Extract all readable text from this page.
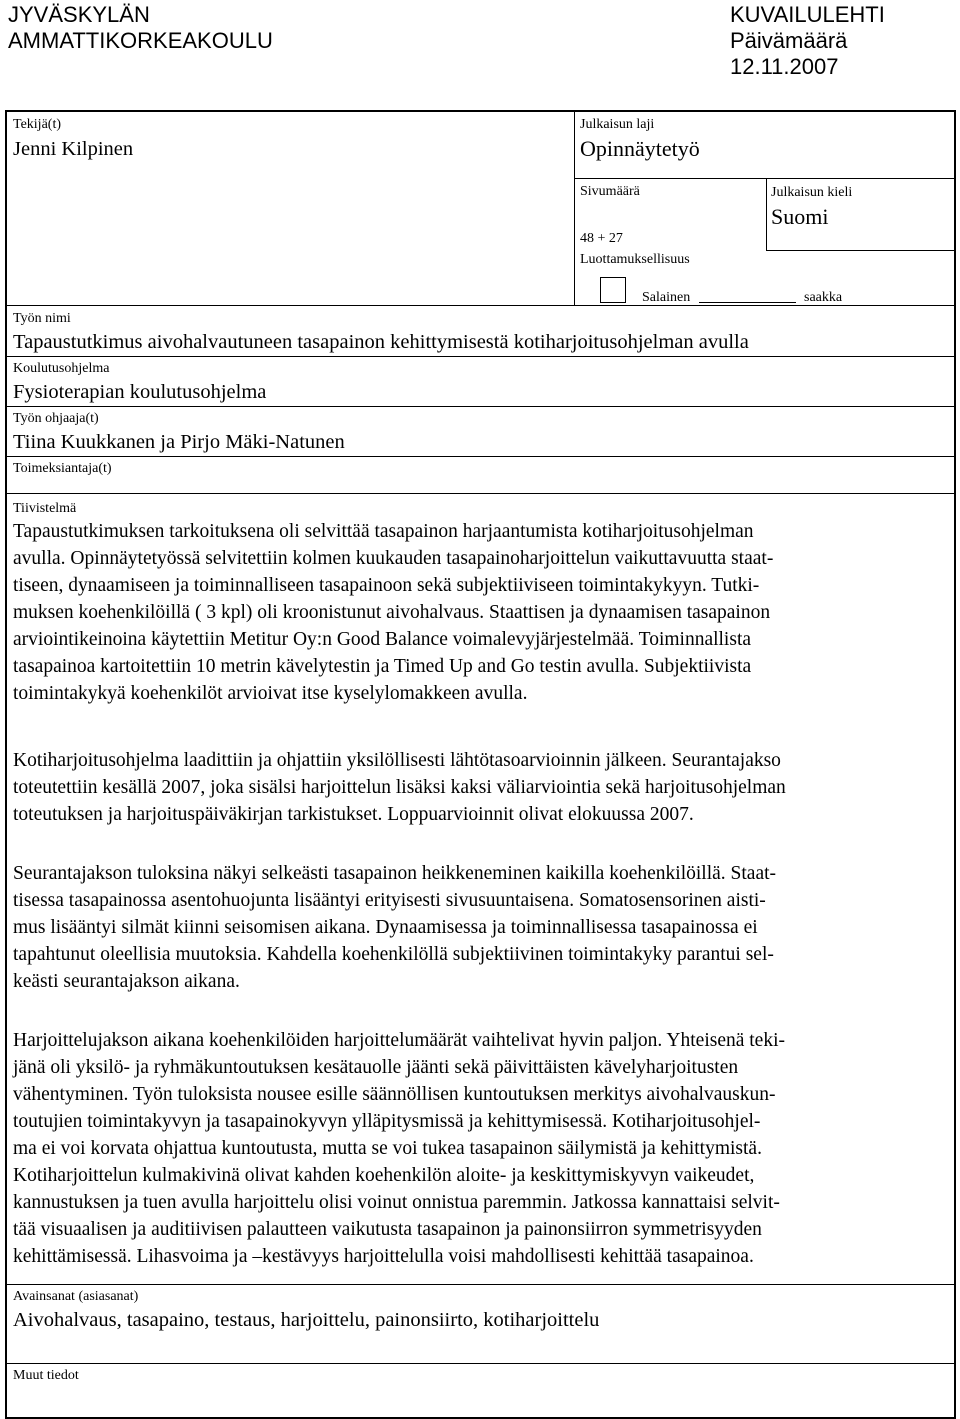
JYVÄSKYLÄN
AMMATTIKORKEAKOULU
KUVAILULEHTI
Päivämäärä
12.11.2007
Tekijä(t)
Jenni Kilpinen
Julkaisun laji
Opinnäytetyö
Sivumäärä
48 + 27
Luottamuksellisuus
Julkaisun kieli
Suomi
Salainen	saakka
Työn nimi
Tapaustutkimus aivohalvautuneen tasapainon kehittymisestä kotiharjoitusohjelman avulla
Koulutusohjelma
Fysioterapian koulutusohjelma
Työn ohjaaja(t)
Tiina Kuukkanen ja Pirjo Mäki-Natunen
Toimeksiantaja(t)
Tiivistelmä
Tapaustutkimuksen tarkoituksena oli selvittää tasapainon harjaantumista kotiharjoitusohjelman
avulla. Opinnäytetyössä selvitettiin kolmen kuukauden tasapainoharjoittelun vaikuttavuutta staat-
tiseen, dynaamiseen ja toiminnalliseen tasapainoon sekä subjektiiviseen toimintakykyyn. Tutki-
muksen koehenkilöillä ( 3 kpl) oli kroonistunut aivohalvaus. Staattisen ja dynaamisen tasapainon
arviointikeinoina käytettiin Metitur Oy:n Good Balance voimalevyjärjestelmää. Toiminnallista
tasapainoa kartoitettiin 10 metrin kävelytestin ja Timed Up and Go testin avulla. Subjektiivista
toimintakykyä koehenkilöt arvioivat itse kyselylomakkeen avulla.
Kotiharjoitusohjelma laadittiin ja ohjattiin yksilöllisesti lähtötasoarvioinnin jälkeen. Seurantajakso
toteutettiin kesällä 2007, joka sisälsi harjoittelun lisäksi kaksi väliarviointia sekä harjoitusohjelman
toteutuksen ja harjoituspäiväkirjan tarkistukset. Loppuarvioinnit olivat elokuussa 2007.
Seurantajakson tuloksina näkyi selkeästi tasapainon heikkeneminen kaikilla koehenkilöillä. Staat-
tisessa tasapainossa asentohuojunta lisääntyi erityisesti sivusuuntaisena. Somatosensorinen aisti-
mus lisääntyi silmät kiinni seisomisen aikana. Dynaamisessa ja toiminnallisessa tasapainossa ei
tapahtunut oleellisia muutoksia. Kahdella koehenkilöllä subjektiivinen toimintakyky parantui sel-
keästi seurantajakson aikana.
Harjoittelujakson aikana koehenkilöiden harjoittelumäärät vaihtelivat hyvin paljon. Yhteisenä teki-
jänä oli yksilö- ja ryhmäkuntoutuksen kesätauolle jäänti sekä päivittäisten kävelyharjoitusten
vähentyminen. Työn tuloksista nousee esille säännöllisen kuntoutuksen merkitys aivohalvauskun-
toutujien toimintakyvyn ja tasapainokyvyn ylläpitysmissä ja kehittymisessä. Kotiharjoitusohjel-
ma ei voi korvata ohjattua kuntoutusta, mutta se voi tukea tasapainon säilymistä ja kehittymistä.
Kotiharjoittelun kulmakivinä olivat kahden koehenkilön aloite- ja keskittymiskyvyn vaikeudet,
kannustuksen ja tuen avulla harjoittelu olisi voinut onnistua paremmin. Jatkossa kannattaisi selvit-
tää visuaalisen ja auditiivisen palautteen vaikutusta tasapainon ja painonsiirron symmetrisyyden
kehittämisessä. Lihasvoima ja –kestävyys harjoittelulla voisi mahdollisesti kehittää tasapainoa.
Avainsanat (asiasanat)
Aivohalvaus, tasapaino, testaus, harjoittelu, painonsiirto, kotiharjoittelu
Muut tiedot
